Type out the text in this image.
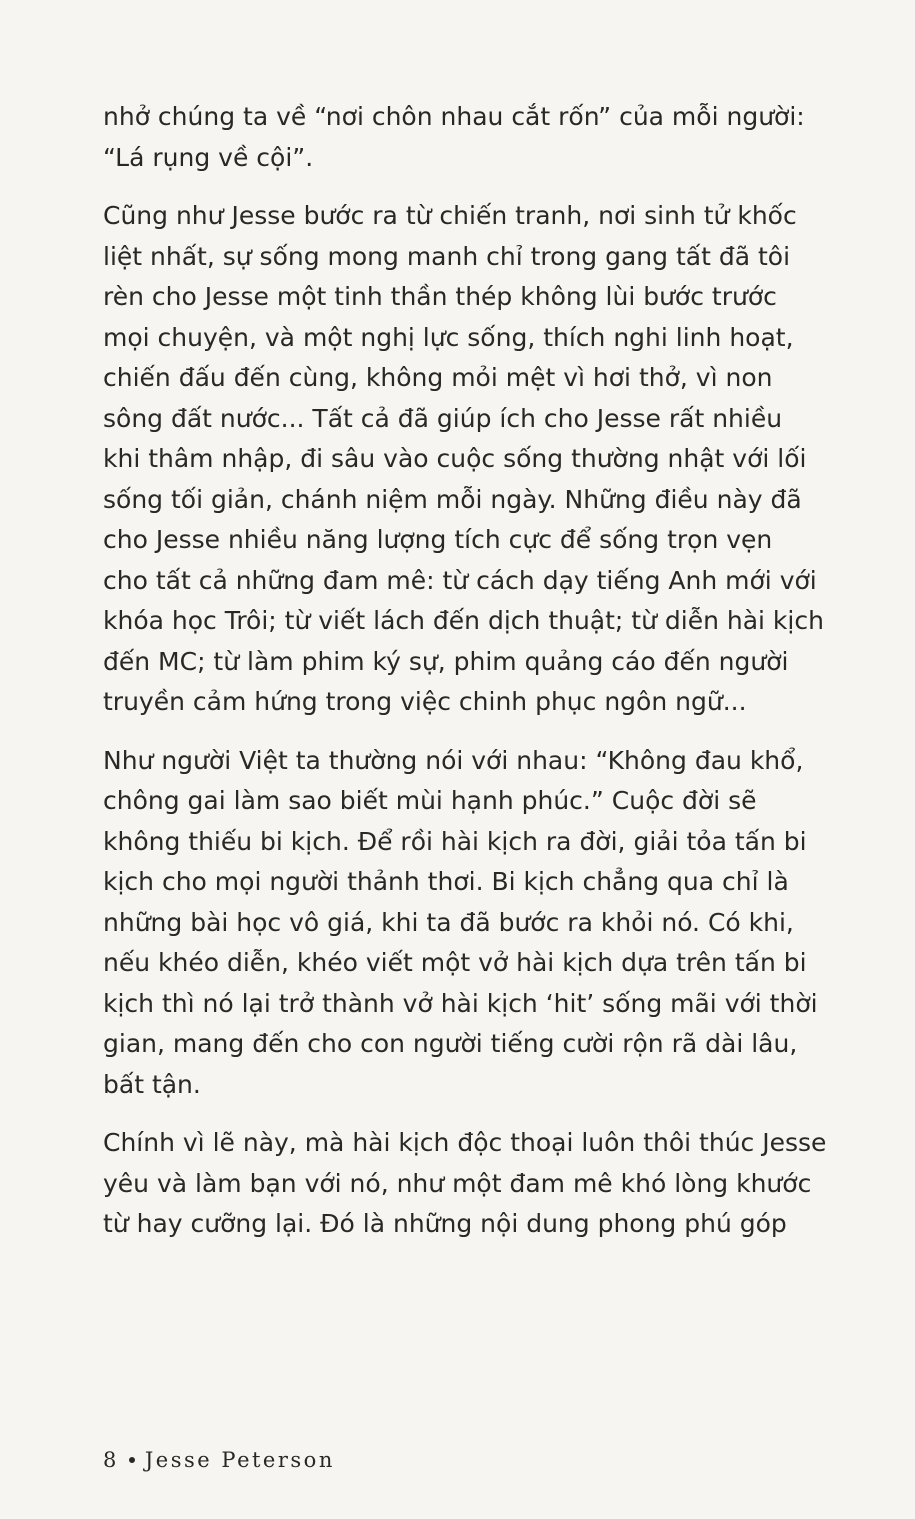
nhở chúng ta về “nơi chôn nhau cắt rốn” của mỗi người:
“Lá rụng về cội”.

Cũng như Jesse bước ra từ chiến tranh, nơi sinh tử khốc
liệt nhất, sự sống mong manh chỉ trong gang tất đã tôi
rèn cho Jesse một tinh thần thép không lùi bước trước
mọi chuyện, và một nghị lực sống, thích nghi linh hoạt,
chiến đấu đến cùng, không mỏi mệt vì hơi thở, vì non
sông đất nước... Tất cả đã giúp ích cho Jesse rất nhiều
khi thâm nhập, đi sâu vào cuộc sống thường nhật với lối
sống tối giản, chánh niệm mỗi ngày. Những điều này đã
cho Jesse nhiều năng lượng tích cực để sống trọn vẹn
cho tất cả những đam mê: từ cách dạy tiếng Anh mới với
khóa học Trôi; từ viết lách đến dịch thuật; từ diễn hài kịch
đến MC; từ làm phim ký sự, phim quảng cáo đến người
truyền cảm hứng trong việc chinh phục ngôn ngữ...

Như người Việt ta thường nói với nhau: “Không đau khổ,
chông gai làm sao biết mùi hạnh phúc.” Cuộc đời sẽ
không thiếu bi kịch. Để rồi hài kịch ra đời, giải tỏa tấn bi
kịch cho mọi người thảnh thơi. Bi kịch chẳng qua chỉ là
những bài học vô giá, khi ta đã bước ra khỏi nó. Có khi,
nếu khéo diễn, khéo viết một vở hài kịch dựa trên tấn bi
kịch thì nó lại trở thành vở hài kịch ‘hit’ sống mãi với thời
gian, mang đến cho con người tiếng cười rộn rã dài lâu,
bất tận.

Chính vì lẽ này, mà hài kịch độc thoại luôn thôi thúc Jesse
yêu và làm bạn với nó, như một đam mê khó lòng khước
từ hay cưỡng lại. Đó là những nội dung phong phú góp

8 Jesse Peterson
